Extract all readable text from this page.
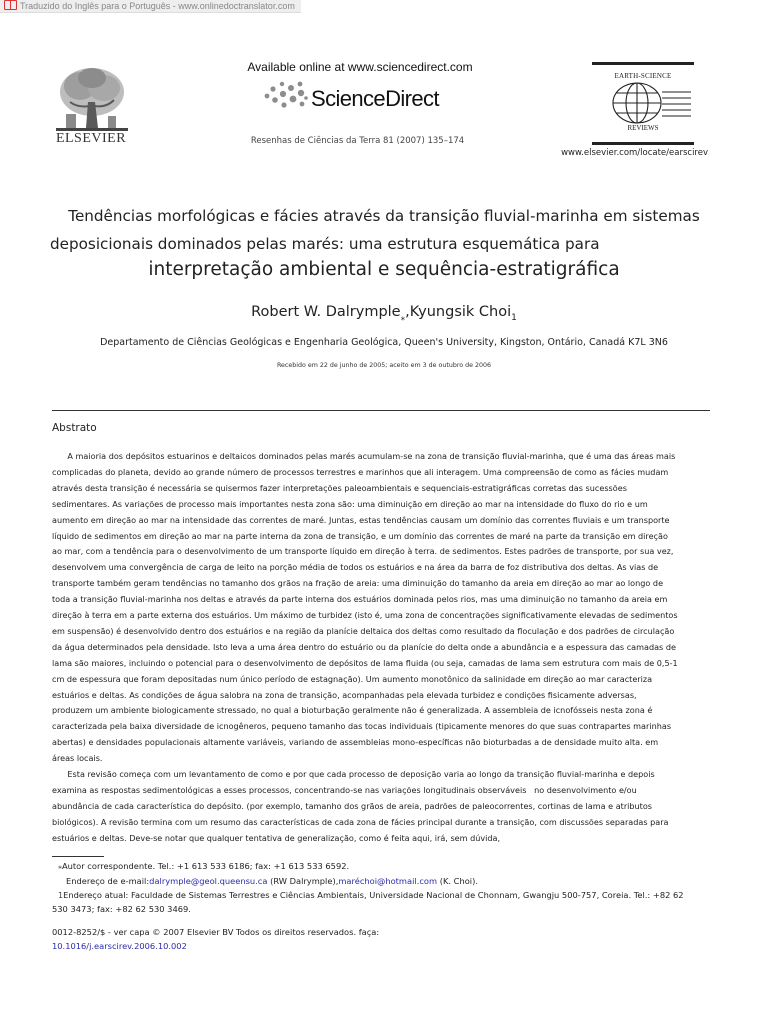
Traduzido do Inglês para o Português - www.onlinedoctranslator.com
ELSEVIER
Available online at www.sciencedirect.com
ScienceDirect
Resenhas de Ciências da Terra 81 (2007) 135–174
EARTH-SCIENCE
REVIEWS
www.elsevier.com/locate/earscirev
Tendências morfológicas e fácies através da transição fluvial-marinha em sistemas
deposicionais dominados pelas marés: uma estrutura esquemática para
interpretação ambiental e sequência-estratigráfica
Robert W. Dalrymple$_⁎$,Kyungsik Choi$_1$
Departamento de Ciências Geológicas e Engenharia Geológica, Queen's University, Kingston, Ontário, Canadá K7L 3N6
Recebido em 22 de junho de 2005; aceito em 3 de outubro de 2006
Abstrato
A maioria dos depósitos estuarinos e deltaicos dominados pelas marés acumulam-se na zona de transição fluvial-marinha, que é uma das áreas mais
complicadas do planeta, devido ao grande número de processos terrestres e marinhos que ali interagem. Uma compreensão de como as fácies mudam
através desta transição é necessária se quisermos fazer interpretações paleoambientais e sequenciais-estratigráficas corretas das sucessões
sedimentares. As variações de processo mais importantes nesta zona são: uma diminuição em direção ao mar na intensidade do fluxo do rio e um
aumento em direção ao mar na intensidade das correntes de maré. Juntas, estas tendências causam um domínio das correntes fluviais e um transporte
líquido de sedimentos em direção ao mar na parte interna da zona de transição, e um domínio das correntes de maré na parte da transição em direção
ao mar, com a tendência para o desenvolvimento de um transporte líquido em direção à terra. de sedimentos. Estes padrões de transporte, por sua vez,
desenvolvem uma convergência de carga de leito na porção média de todos os estuários e na área da barra de foz distributiva dos deltas. As vias de
transporte também geram tendências no tamanho dos grãos na fração de areia: uma diminuição do tamanho da areia em direção ao mar ao longo de
toda a transição fluvial-marinha nos deltas e através da parte interna dos estuários dominada pelos rios, mas uma diminuição no tamanho da areia em
direção à terra em a parte externa dos estuários. Um máximo de turbidez (isto é, uma zona de concentrações significativamente elevadas de sedimentos
em suspensão) é desenvolvido dentro dos estuários e na região da planície deltaica dos deltas como resultado da floculação e dos padrões de circulação
da água determinados pela densidade. Isto leva a uma área dentro do estuário ou da planície do delta onde a abundância e a espessura das camadas de
lama são maiores, incluindo o potencial para o desenvolvimento de depósitos de lama fluida (ou seja, camadas de lama sem estrutura com mais de 0,5-1
cm de espessura que foram depositadas num único período de estagnação). Um aumento monotônico da salinidade em direção ao mar caracteriza
estuários e deltas. As condições de água salobra na zona de transição, acompanhadas pela elevada turbidez e condições fisicamente adversas,
produzem um ambiente biologicamente stressado, no qual a bioturbação geralmente não é generalizada. A assembleia de icnofósseis nesta zona é
caracterizada pela baixa diversidade de icnogêneros, pequeno tamanho das tocas individuais (tipicamente menores do que suas contrapartes marinhas
abertas) e densidades populacionais altamente variáveis, variando de assembleias mono-específicas não bioturbadas a de densidade muito alta. em
áreas locais.
Esta revisão começa com um levantamento de como e por que cada processo de deposição varia ao longo da transição fluvial-marinha e depois
examina as respostas sedimentológicas a esses processos, concentrando-se nas variações longitudinais observáveis   no desenvolvimento e/ou
abundância de cada característica do depósito. (por exemplo, tamanho dos grãos de areia, padrões de paleocorrentes, cortinas de lama e atributos
biológicos). A revisão termina com um resumo das características de cada zona de fácies principal durante a transição, com discussões separadas para
estuários e deltas. Deve-se notar que qualquer tentativa de generalização, como é feita aqui, irá, sem dúvida,
⁎Autor correspondente. Tel.: +1 613 533 6186; fax: +1 613 533 6592.
Endereço de e-mail:dalrymple@geol.queensu.ca (RW Dalrymple),maréchoi@hotmail.com (K. Choi).
1Endereço atual: Faculdade de Sistemas Terrestres e Ciências Ambientais, Universidade Nacional de Chonnam, Gwangju 500-757, Coreia. Tel.: +82 62
530 3473; fax: +82 62 530 3469.
0012-8252/$ - ver capa © 2007 Elsevier BV Todos os direitos reservados. faça:
10.1016/j.earscirev.2006.10.002
